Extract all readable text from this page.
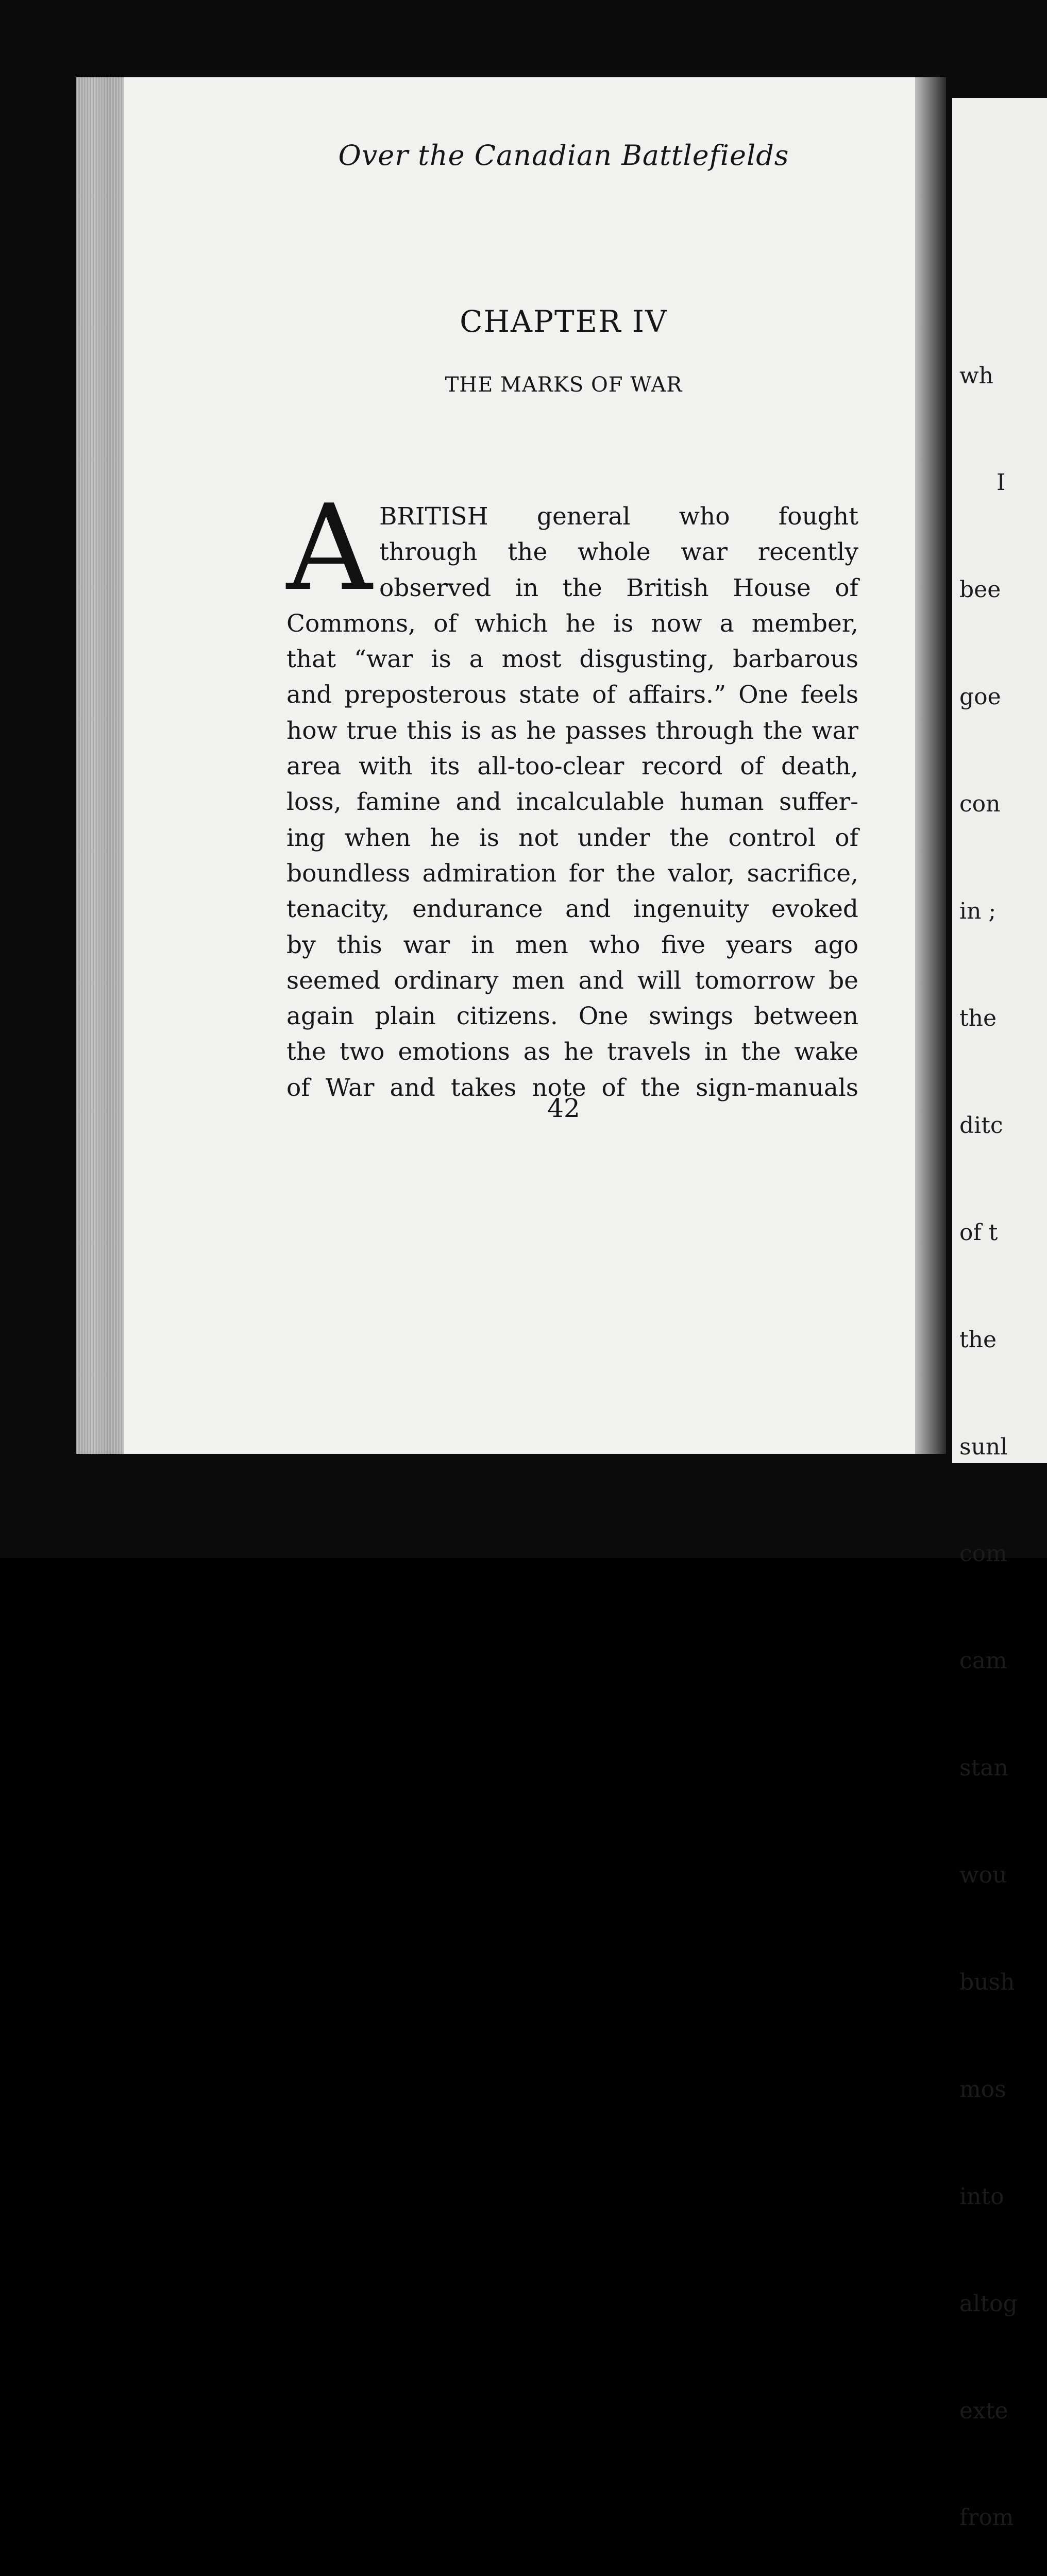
wh

I

bee

goe

con

in ;

the

ditc

of t

the

sunl

com

cam

stan

wou

bush

mos

into

altog

exte

from

Over the Canadian Battlefields
CHAPTER IV
THE MARKS OF WAR
A BRITISH general who fought
through the whole war recently
observed in the British House of
Commons, of which he is now a member,
that “war is a most disgusting, barbarous
and preposterous state of affairs.” One feels
how true this is as he passes through the war
area with its all-too-clear record of death,
loss, famine and incalculable human suffer-
ing when he is not under the control of
boundless admiration for the valor, sacrifice,
tenacity, endurance and ingenuity evoked
by this war in men who five years ago
seemed ordinary men and will tomorrow be
again plain citizens. One swings between
the two emotions as he travels in the wake
of War and takes note of the sign-manuals
42
